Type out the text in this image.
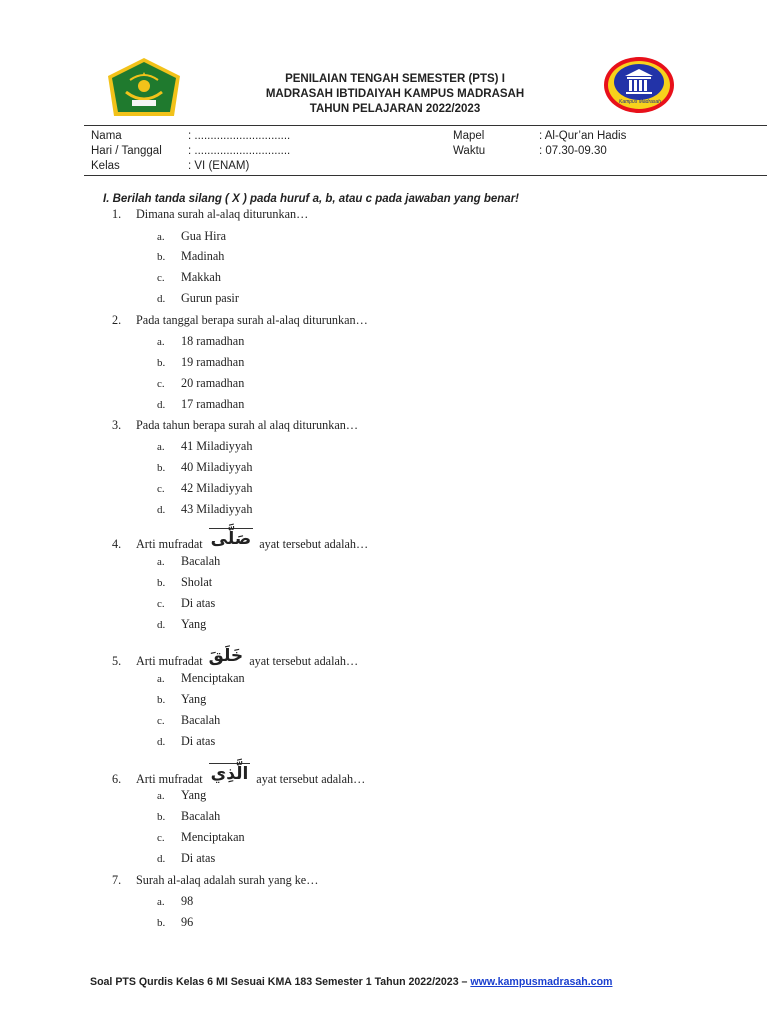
PENILAIAN TENGAH SEMESTER (PTS) I
MADRASAH IBTIDAIYAH KAMPUS MADRASAH
TAHUN PELAJARAN 2022/2023
Kampus Madrasah
Nama
Hari / Tanggal
Kelas
: ..............................
: ..............................
: VI (ENAM)
Mapel
Waktu
: Al-Qur’an Hadis
: 07.30-09.30
I. Berilah tanda silang ( X ) pada huruf a, b, atau c pada jawaban yang benar!
1. Dimana surah al-alaq diturunkan…
a. Gua Hira
b. Madinah
c. Makkah
d. Gurun pasir
2. Pada tanggal berapa surah al-alaq diturunkan…
a. 18 ramadhan
b. 19 ramadhan
c. 20 ramadhan
d. 17 ramadhan
3. Pada tahun berapa surah al alaq diturunkan…
a. 41 Miladiyyah
b. 40 Miladiyyah
c. 42 Miladiyyah
d. 43 Miladiyyah
4. Arti mufradat صَلَّى ayat tersebut adalah…
a. Bacalah
b. Sholat
c. Di atas
d. Yang
5. Arti mufradat خَلَقَ ayat tersebut adalah…
a. Menciptakan
b. Yang
c. Bacalah
d. Di atas
6. Arti mufradat الَّذِي ayat tersebut adalah…
a. Yang
b. Bacalah
c. Menciptakan
d. Di atas
7. Surah al-alaq adalah surah yang ke…
a. 98
b. 96
Soal PTS Qurdis Kelas 6 MI Sesuai KMA 183 Semester 1 Tahun 2022/2023 – www.kampusmadrasah.com
